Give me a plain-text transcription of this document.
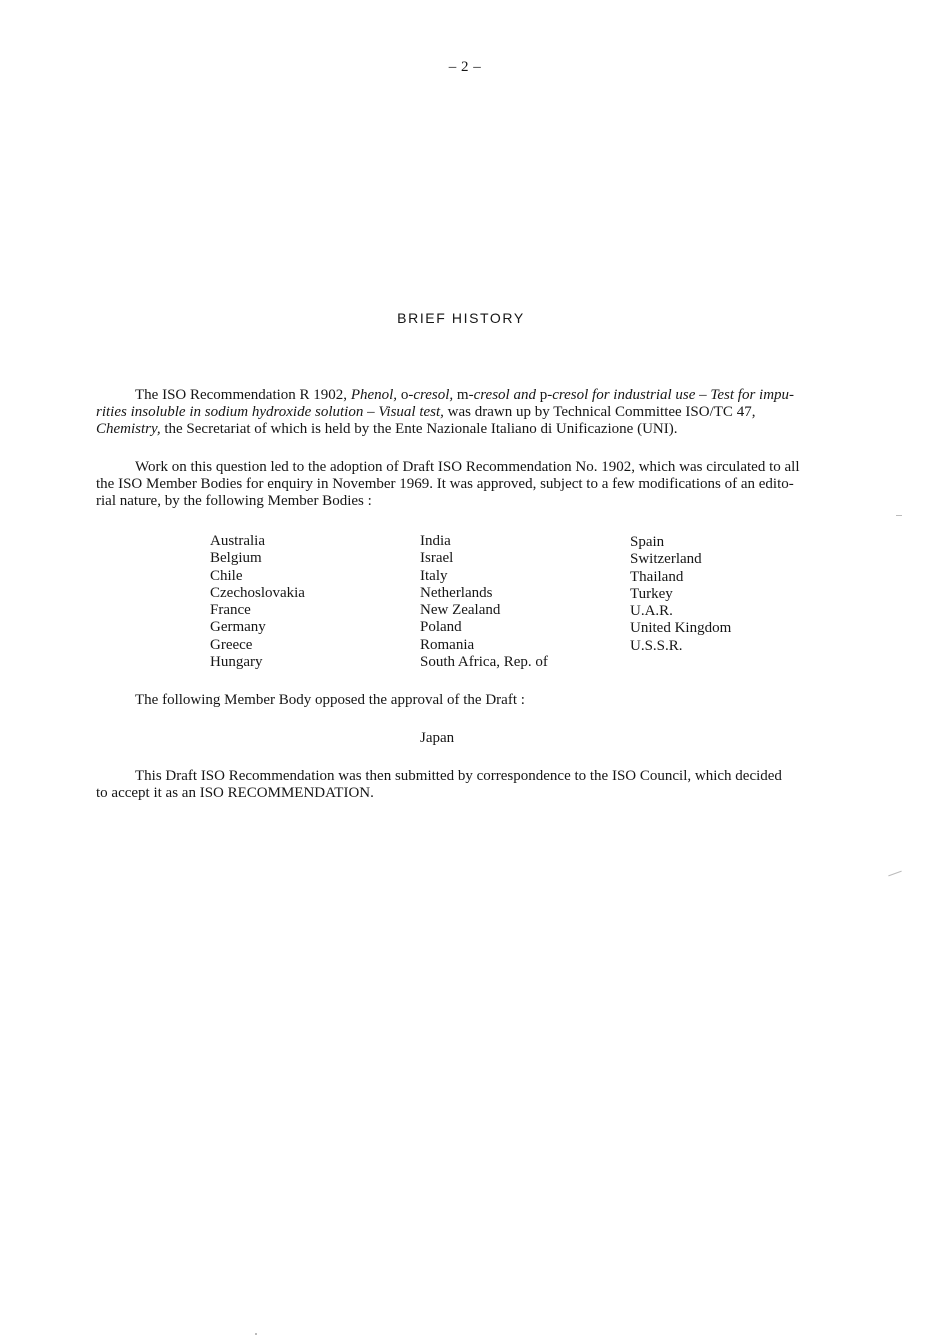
– 2 –
BRIEF HISTORY

The ISO Recommendation R 1902, Phenol, o-cresol, m-cresol and p-cresol for industrial use – Test for impu-
rities insoluble in sodium hydroxide solution – Visual test, was drawn up by Technical Committee ISO/TC 47,
Chemistry, the Secretariat of which is held by the Ente Nazionale Italiano di Unificazione (UNI).

Work on this question led to the adoption of Draft ISO Recommendation No. 1902, which was circulated to all
the ISO Member Bodies for enquiry in November 1969. It was approved, subject to a few modifications of an edito-
rial nature, by the following Member Bodies :

Australia
Belgium
Chile
Czechoslovakia
France
Germany
Greece
Hungary
India
Israel
Italy
Netherlands
New Zealand
Poland
Romania
South Africa, Rep. of
Spain
Switzerland
Thailand
Turkey
U.A.R.
United Kingdom
U.S.S.R.
The following Member Body opposed the approval of the Draft :
Japan

This Draft ISO Recommendation was then submitted by correspondence to the ISO Council, which decided
to accept it as an ISO RECOMMENDATION.
